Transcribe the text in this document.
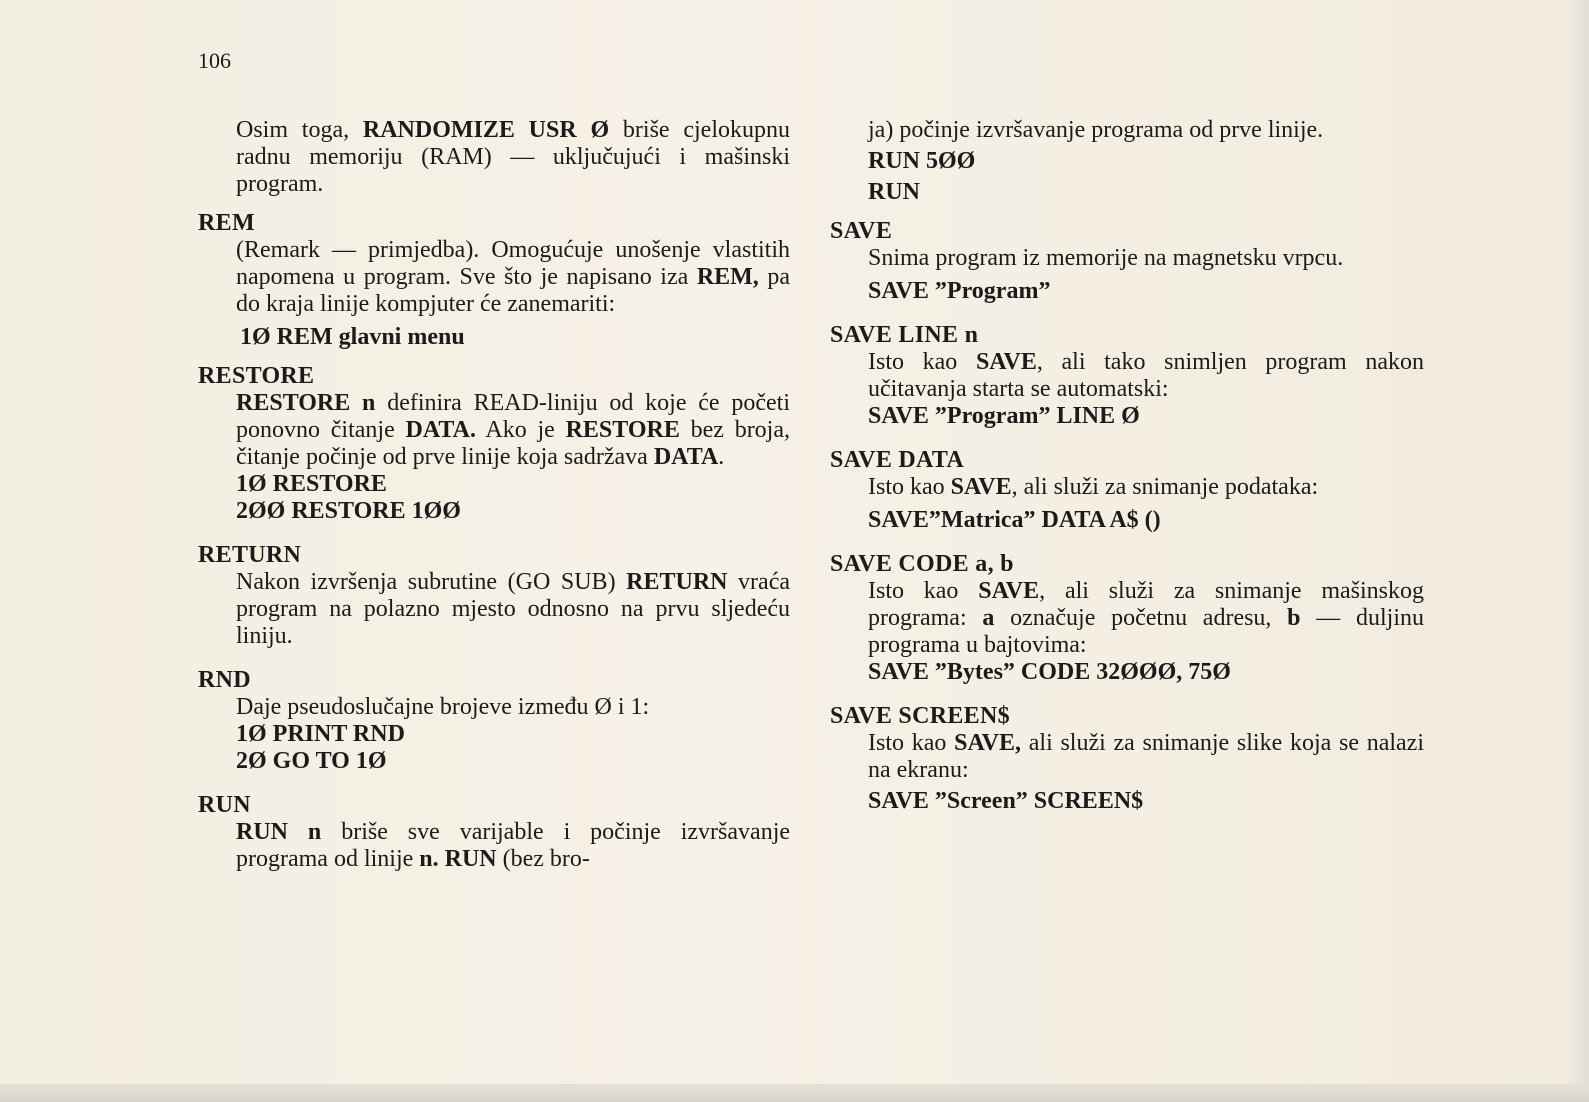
106

Osim toga, RANDOMIZE USR Ø briše cjelokupnu radnu memoriju (RAM) — uključujući i mašinski program.

REM

(Remark — primjedba). Omogućuje unošenje vlastitih napomena u program. Sve što je napisano iza REM, pa do kraja linije kompjuter će zanemariti:

1Ø REM glavni menu

RESTORE

RESTORE n definira READ-liniju od koje će početi ponovno čitanje DATA. Ako je RESTORE bez broja, čitanje počinje od prve linije koja sadržava DATA.

1Ø RESTORE

2ØØ RESTORE 1ØØ

RETURN

Nakon izvršenja subrutine (GO SUB) RETURN vraća program na polazno mjesto odnosno na prvu sljedeću liniju.

RND

Daje pseudoslučajne brojeve između Ø i 1:

1Ø PRINT RND

2Ø GO TO 1Ø

RUN

RUN n briše sve varijable i počinje izvršavanje programa od linije n. RUN (bez bro-

ja) počinje izvršavanje programa od prve linije.

RUN 5ØØ

RUN

SAVE

Snima program iz memorije na magnetsku vrpcu.

SAVE ”Program”

SAVE LINE n

Isto kao SAVE, ali tako snimljen program nakon učitavanja starta se automatski:

SAVE ”Program” LINE Ø

SAVE DATA

Isto kao SAVE, ali služi za snimanje podataka:

SAVE”Matrica” DATA A$ ()

SAVE CODE a, b

Isto kao SAVE, ali služi za snimanje mašinskog programa: a označuje početnu adresu, b — duljinu programa u bajtovima:

SAVE ”Bytes” CODE 32ØØØ, 75Ø

SAVE SCREEN$

Isto kao SAVE, ali služi za snimanje slike koja se nalazi na ekranu:

SAVE ”Screen” SCREEN$
